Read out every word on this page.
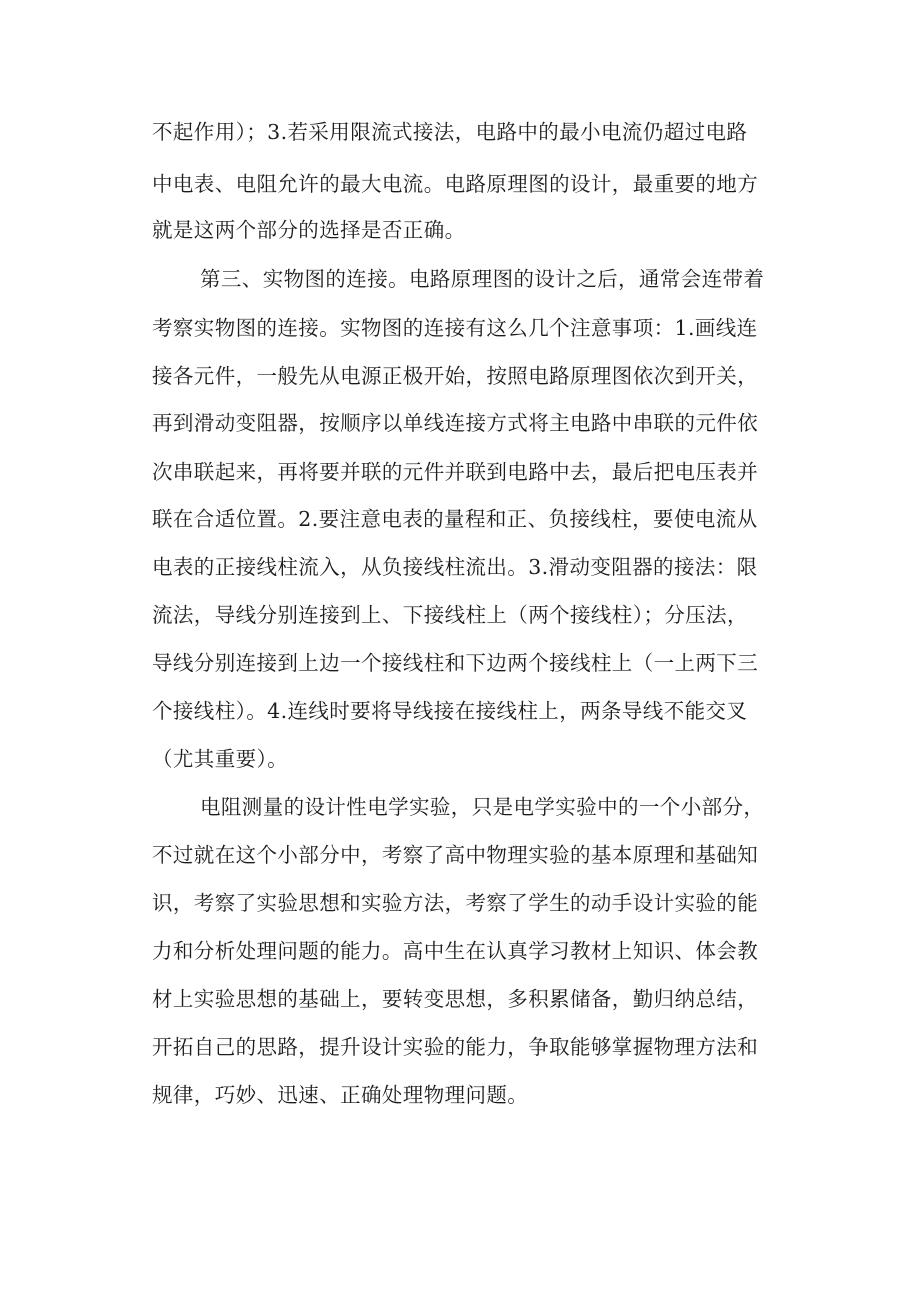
不起作用）；3.若采用限流式接法，电路中的最小电流仍超过电路
中电表、电阻允许的最大电流。电路原理图的设计，最重要的地方
就是这两个部分的选择是否正确。
第三、实物图的连接。电路原理图的设计之后，通常会连带着
考察实物图的连接。实物图的连接有这么几个注意事项：1.画线连
接各元件，一般先从电源正极开始，按照电路原理图依次到开关，
再到滑动变阻器，按顺序以单线连接方式将主电路中串联的元件依
次串联起来，再将要并联的元件并联到电路中去，最后把电压表并
联在合适位置。2.要注意电表的量程和正、负接线柱，要使电流从
电表的正接线柱流入，从负接线柱流出。3.滑动变阻器的接法：限
流法，导线分别连接到上、下接线柱上（两个接线柱）；分压法，
导线分别连接到上边一个接线柱和下边两个接线柱上（一上两下三
个接线柱）。4.连线时要将导线接在接线柱上，两条导线不能交叉
（尤其重要）。
电阻测量的设计性电学实验，只是电学实验中的一个小部分，
不过就在这个小部分中，考察了高中物理实验的基本原理和基础知
识，考察了实验思想和实验方法，考察了学生的动手设计实验的能
力和分析处理问题的能力。高中生在认真学习教材上知识、体会教
材上实验思想的基础上，要转变思想，多积累储备，勤归纳总结，
开拓自己的思路，提升设计实验的能力，争取能够掌握物理方法和
规律，巧妙、迅速、正确处理物理问题。
